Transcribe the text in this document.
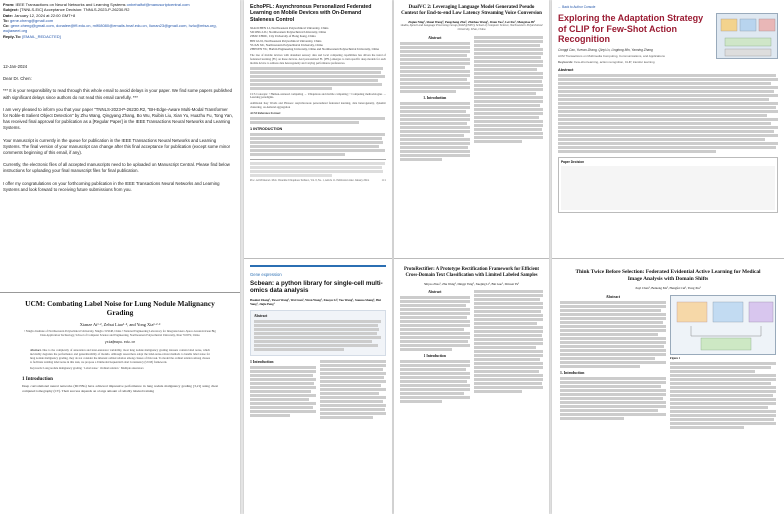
From: IEEE Transactions on Neural Networks and Learning Systems onbehalfof@manuscriptcentral.com
Subject: [TNNLS-EiC] Acceptance Decision: TNNLS-2023-P-26230.R2
Date: January 12, 2024 at 22:00 GMT+8
To: gene.cheng@gmail.com
Cc: gene.cheng@gmail.com, donalee@ffl.edu.cn, mlf08080@emails.hnaf.edu.cn, liunan23@gmail.com, hzlu@mtsa.org, wujiaweei.org
Reply-To: [EMAIL_REDACTED]

12-Jan-2024

Dear Dr. Chen:

*** It is your responsibility to read through this whole email to avoid delays in your paper. We find some papers published with significant delays since authors do not read this email carefully. ***

I am very pleased to inform you that your paper "TNNLS-2023-P-26230.R2, "BH-Edge-Aware Multi-Modal Transformer for Noble-B Salient Object Detection" by Zhu Wang, Qingyang Zhang, Bo Wu, Ruibin Liu, Xian Yu, Huazhu Fu, Tong Yan, has received final approval for publication as a [Regular Paper] in the IEEE Transactions Neural Networks and Learning Systems.

Your manuscript is currently in the queue for publication in the IEEE Transactions Neural Networks and Learning Systems. The final version of your manuscript can change after this final acceptance for publication (except some minor comments beginning of this email, if any).

Currently, the electronic files of all accepted manuscripts need to be uploaded on Manuscript Central. Please find below instructions for uploading your final manuscript files for final publication.

I offer my congratulations on your forthcoming publication in the IEEE Transactions Neural Networks and Learning Systems and look forward to receiving future submissions from you.

UCM: Combating Label Noise for Lung Nodule Malignancy Grading
Xianze Ai¹·², Zehui Liao¹·², and Yong Xia¹·²·³
¹ Ningbo Institute of Northwestern Polytechnical University, Ningbo 315048, China ² National Engineering Laboratory for Integrated Aero-Space-Ground-Ocean Big Data Application Technology, School of Computer Science and Engineering, Northwestern Polytechnical University, Xian 710072, China
yxia@nwpu.edu.cn
Abstract. Due to the complexity of annotation and inter-annotator variability, most lung nodule malignancy grading datasets contain label noise, which inevitably degrades the performance and generalizability of models. Although researchers adopt the label-noise-robust methods to handle label noise for lung nodule malignancy grading, they do not consider the inherent ordinal relation among classes of this task. To model the ordinal relation among classes to facilitate tackling label noise in this task, we propose a Unimodal-Sequential Label Consistency (UCM) framework.
Keywords: Lung nodule malignancy grading · Label noise · Ordinal relation · Multiple annotators
1 Introduction
Deep convolutional neural networks (DCNNs) have achieved impressive performance in lung nodule malignancy grading [3,21] using chest computed tomography (CT). Their success depends on a large amount of reliably labeled training
EchoPFL: Asynchronous Personalized Federated Learning on Mobile Devices with On-Demand Staleness Control
XIAOCHEN LI, Northwestern Polytechnical University, China
SICONG LIU, Northwestern Polytechnical University, China
ZIMU ZHOU, City University of Hong Kong, China
BIN GUO, Northwestern Polytechnical University, China
YUAN XU, Northwestern Polytechnical University, China
ZHIWEN YU, Harbin Engineering University, China and Northwestern Polytechnical University, China
The rise of mobile devices with abundant sensory data and local computing capabilities has driven the trend of federated learning (FL) on these devices. And personalized FL (PFL) emerges to train specific deep models for each mobile device to address data heterogeneity and varying performance preferences.
CCS Concepts: • Human-centered computing → Ubiquitous and mobile computing; • Computing methodologies → Learning paradigms.
Additional Key Words and Phrases: Asynchronous personalized federated learning, data heterogeneity, dynamic clustering, on-demand aggregation
ACM Reference Format:
1 INTRODUCTION
Proc. ACM Interact. Mob. Wearable Ubiquitous Technol., Vol. 8, No. 1, Article 11. Publication date: January 2024.	11:1
Gene expression
Scbean: a python library for single-cell multi-omics data analysis
Haohui Zhang¹, Yuwei Wang¹, Wei Lian¹, Yiren Wang², Xiaoyu Li³, Tao Wang¹, Xuesuo Shang¹, Hui Yang¹, Jiajie Peng¹
Abstract
1 Introduction
DualVC 2: Leveraging Language Model Generated Pseudo Context for End-to-end Low Latency Streaming Voice Conversion
Ziqian Ning¹, Shuai Wang², Pengcheng Zhu³, Zhichao Wang¹, Jixun Yao¹, Lei Xie¹, Mengxiao Bi³
¹Audio, Speech and Language Processing Group (ASLP@NPU), School of Computer Science, Northwestern Polytechnical University, Xi'an, China
Abstract
1. Introduction
ProtoRectifier: A Prototype Rectification Framework for Efficient Cross-Domain Text Classification with Limited Labeled Samples
Shiyao Zhao¹, Zhu Wang¹, Dingqi Yang², Xuejing Li¹, Bin Guo¹, Zhiwen Yu¹
Abstract
1 Introduction
← Back to Author Console
Exploring the Adaptation Strategy of CLIP for Few-Shot Action Recognition
Congqi Cao, Yueran Zhang, Qinyi Lv, Lingtong Min, Yanning Zhang
ACM Transactions on Multimedia Computing, Communications, and Applications
Keywords: Few-shot learning, action recognition, CLIP, transfer learning
Abstract
Paper Decision
Think Twice Before Selection: Federated Evidential Active Learning for Medical Image Analysis with Domain Shifts
Jiayi Chen¹, Benteng Ma², Hengfei Cui¹, Yong Xia¹
Abstract
1. Introduction
Figure 1
